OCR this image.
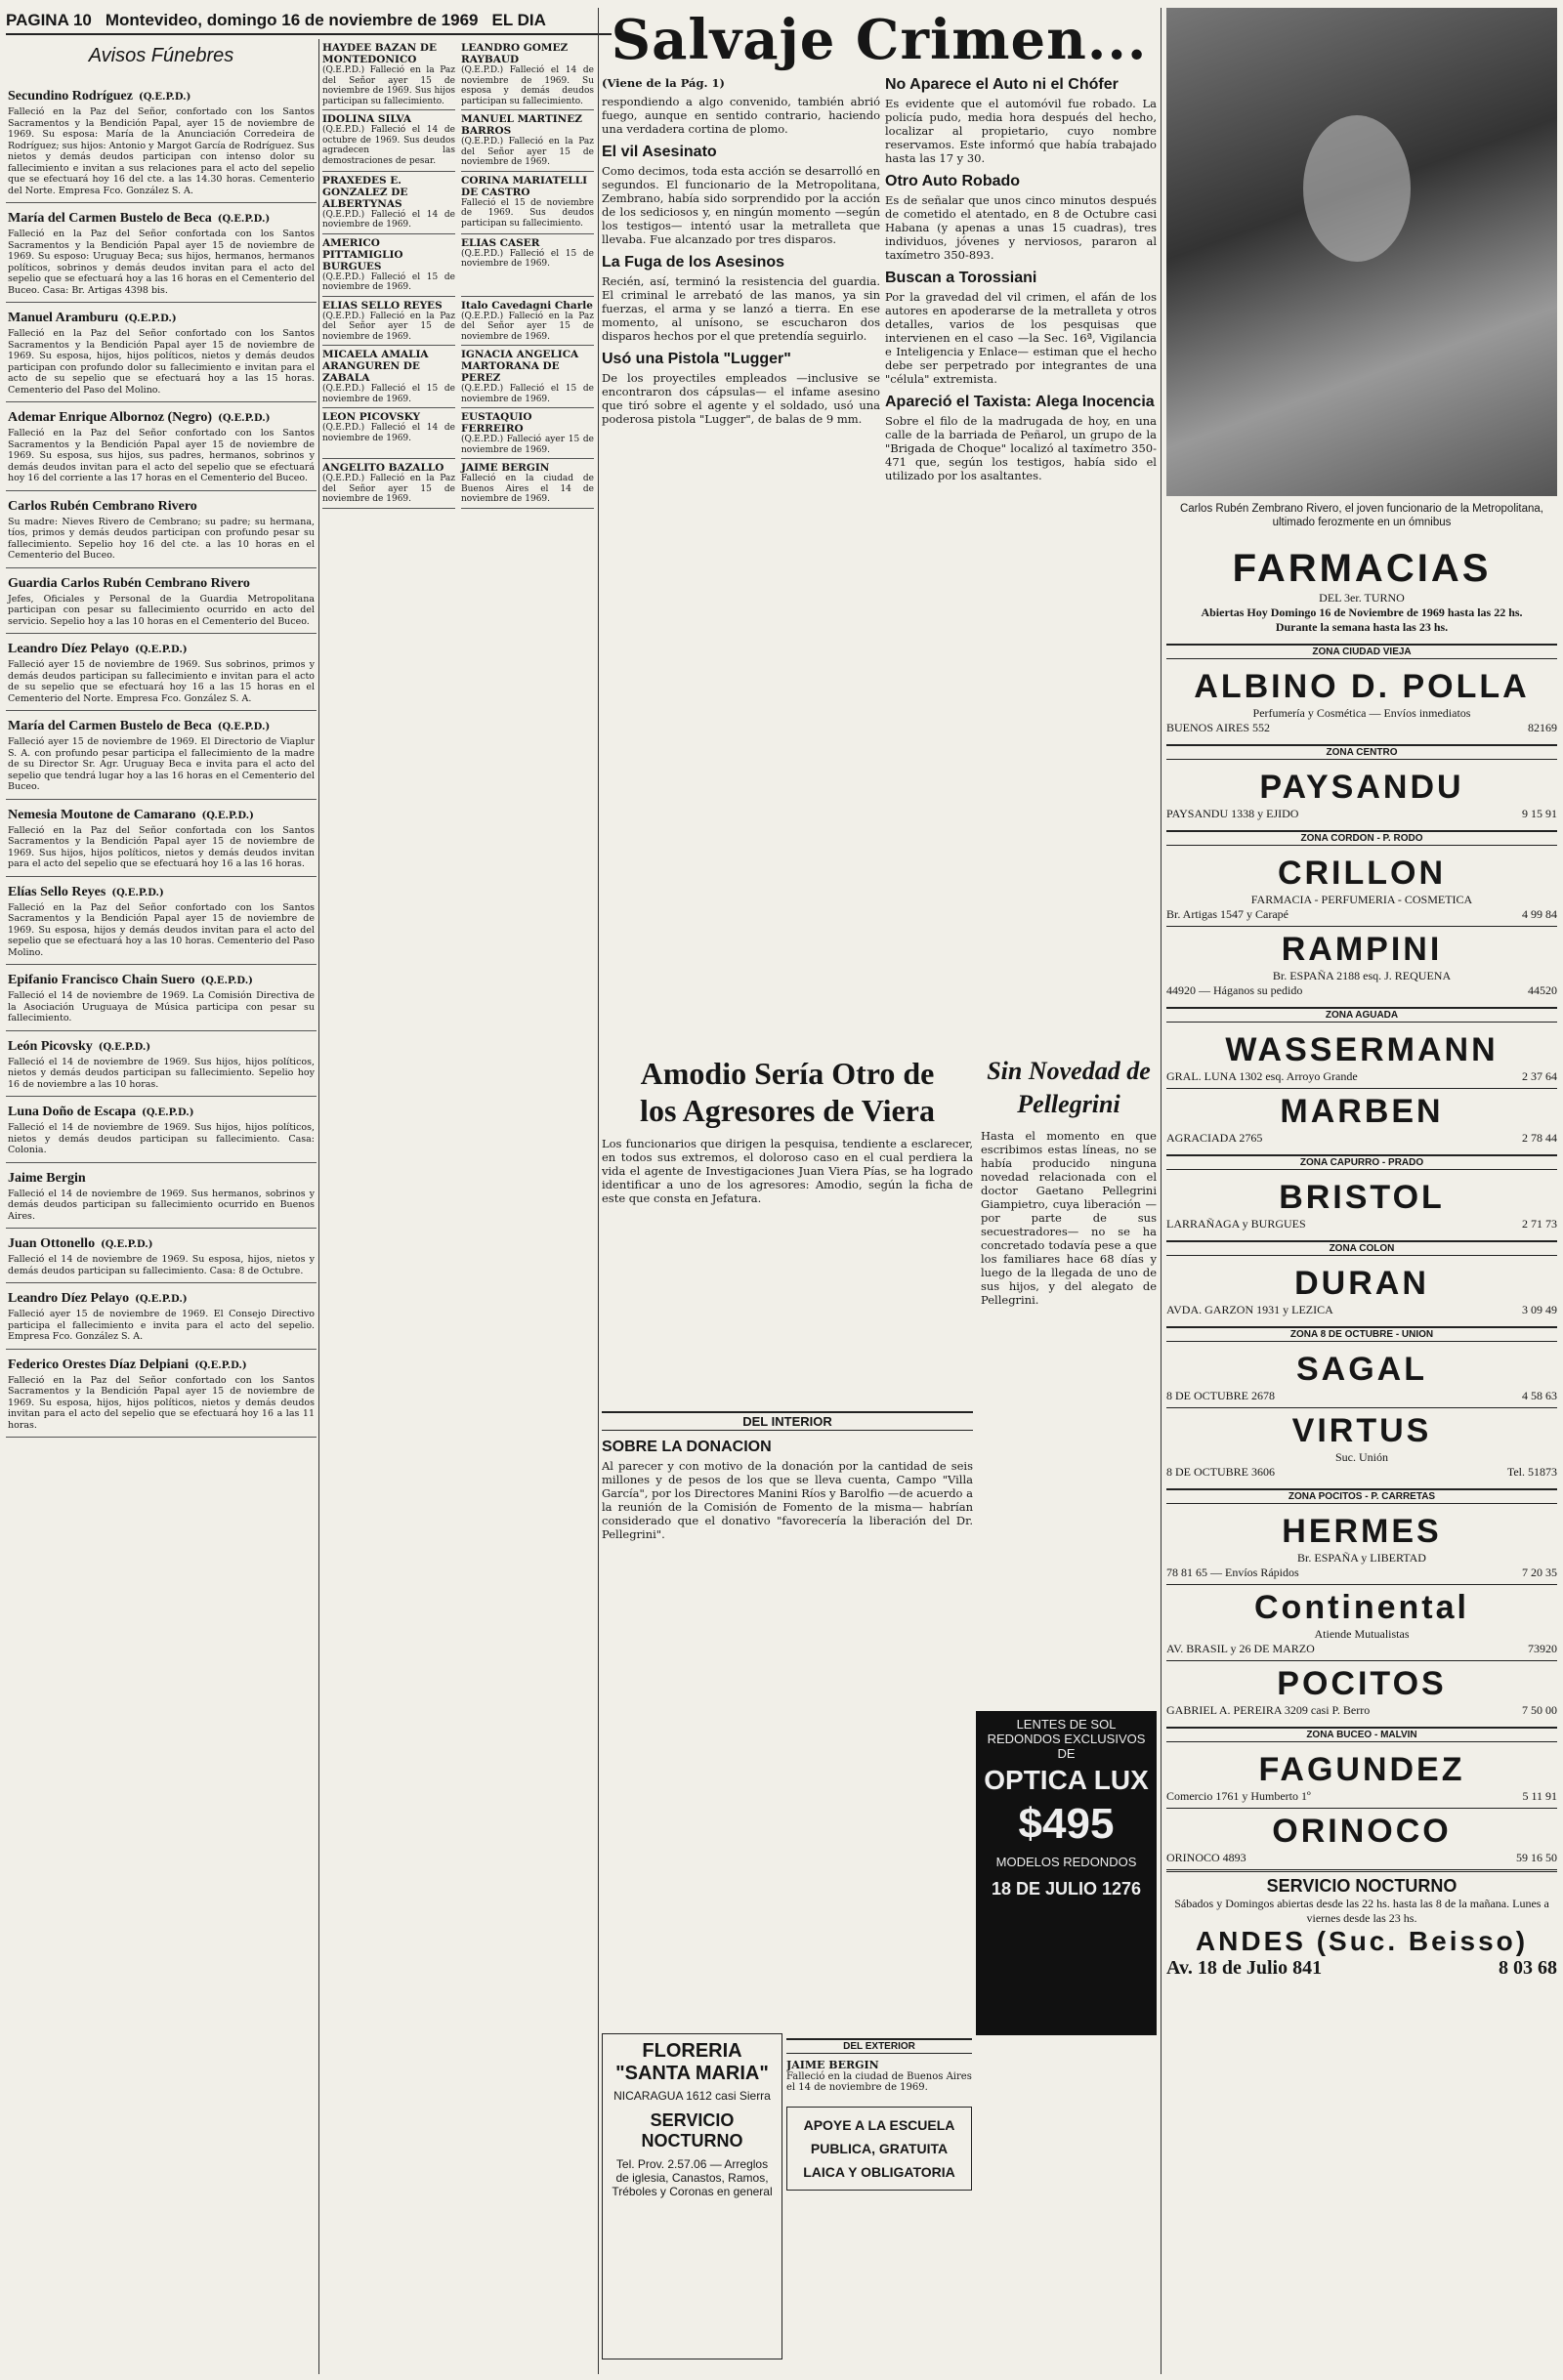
PAGINA 10 Montevideo, domingo 16 de noviembre de 1969 EL DIA
Avisos Fúnebres
Secundino Rodríguez (Q.E.P.D.)
Falleció en la Paz del Señor, confortado con los Santos Sacramentos y la Bendición Papal, ayer 15 de noviembre de 1969. Su esposa: María de la Anunciación Corredeira de Rodríguez; sus hijos: Antonio y Margot García de Rodríguez. Sus nietos y demás deudos participan con intenso dolor su fallecimiento e invitan a sus relaciones para el acto del sepelio que se efectuará hoy 16 del cte. a las 14.30 horas. Cementerio del Norte. Empresa Fco. González S. A.
María del Carmen Bustelo de Beca (Q.E.P.D.)
Falleció en la Paz del Señor confortada con los Santos Sacramentos y la Bendición Papal ayer 15 de noviembre de 1969. Su esposo: Uruguay Beca; sus hijos, hermanos, hermanos políticos, sobrinos y demás deudos invitan para el acto del sepelio que se efectuará hoy a las 16 horas en el Cementerio del Buceo. Casa: Br. Artigas 4398 bis.
Manuel Aramburu (Q.E.P.D.)
Falleció en la Paz del Señor confortado con los Santos Sacramentos y la Bendición Papal ayer 15 de noviembre de 1969. Su esposa, hijos, hijos políticos, nietos y demás deudos participan con profundo dolor su fallecimiento e invitan para el acto de su sepelio que se efectuará hoy a las 15 horas. Cementerio del Paso del Molino.
Ademar Enrique Albornoz (Negro) (Q.E.P.D.)
Falleció en la Paz del Señor confortado con los Santos Sacramentos y la Bendición Papal ayer 15 de noviembre de 1969. Su esposa, sus hijos, sus padres, hermanos, sobrinos y demás deudos invitan para el acto del sepelio que se efectuará hoy 16 del corriente a las 17 horas en el Cementerio del Buceo.
Carlos Rubén Cembrano Rivero
Su madre: Nieves Rivero de Cembrano; su padre; su hermana, tíos, primos y demás deudos participan con profundo pesar su fallecimiento. Sepelio hoy 16 del cte. a las 10 horas en el Cementerio del Buceo.
Guardia Carlos Rubén Cembrano Rivero
Jefes, Oficiales y Personal de la Guardia Metropolitana participan con pesar su fallecimiento ocurrido en acto del servicio. Sepelio hoy a las 10 horas en el Cementerio del Buceo.
Leandro Díez Pelayo (Q.E.P.D.)
Falleció ayer 15 de noviembre de 1969. Sus sobrinos, primos y demás deudos participan su fallecimiento e invitan para el acto de su sepelio que se efectuará hoy 16 a las 15 horas en el Cementerio del Norte. Empresa Fco. González S. A.
María del Carmen Bustelo de Beca (Q.E.P.D.)
Falleció ayer 15 de noviembre de 1969. El Directorio de Viaplur S. A. con profundo pesar participa el fallecimiento de la madre de su Director Sr. Agr. Uruguay Beca e invita para el acto del sepelio que tendrá lugar hoy a las 16 horas en el Cementerio del Buceo.
Nemesia Moutone de Camarano (Q.E.P.D.)
Falleció en la Paz del Señor confortada con los Santos Sacramentos y la Bendición Papal ayer 15 de noviembre de 1969. Sus hijos, hijos políticos, nietos y demás deudos invitan para el acto del sepelio que se efectuará hoy 16 a las 16 horas.
Elías Sello Reyes (Q.E.P.D.)
Falleció en la Paz del Señor confortado con los Santos Sacramentos y la Bendición Papal ayer 15 de noviembre de 1969. Su esposa, hijos y demás deudos invitan para el acto del sepelio que se efectuará hoy a las 10 horas. Cementerio del Paso Molino.
Epifanio Francisco Chain Suero (Q.E.P.D.)
Falleció el 14 de noviembre de 1969. La Comisión Directiva de la Asociación Uruguaya de Música participa con pesar su fallecimiento.
León Picovsky (Q.E.P.D.)
Falleció el 14 de noviembre de 1969. Sus hijos, hijos políticos, nietos y demás deudos participan su fallecimiento. Sepelio hoy 16 de noviembre a las 10 horas.
Luna Doño de Escapa (Q.E.P.D.)
Falleció el 14 de noviembre de 1969. Sus hijos, hijos políticos, nietos y demás deudos participan su fallecimiento. Casa: Colonia.
Jaime Bergin
Falleció el 14 de noviembre de 1969. Sus hermanos, sobrinos y demás deudos participan su fallecimiento ocurrido en Buenos Aires.
Juan Ottonello (Q.E.P.D.)
Falleció el 14 de noviembre de 1969. Su esposa, hijos, nietos y demás deudos participan su fallecimiento. Casa: 8 de Octubre.
Leandro Díez Pelayo (Q.E.P.D.)
Falleció ayer 15 de noviembre de 1969. El Consejo Directivo participa el fallecimiento e invita para el acto del sepelio. Empresa Fco. González S. A.
Federico Orestes Díaz Delpiani (Q.E.P.D.)
Falleció en la Paz del Señor confortado con los Santos Sacramentos y la Bendición Papal ayer 15 de noviembre de 1969. Su esposa, hijos, hijos políticos, nietos y demás deudos invitan para el acto del sepelio que se efectuará hoy 16 a las 11 horas.
HAYDEE BAZAN DE MONTEDONICO
(Q.E.P.D.) Falleció en la Paz del Señor ayer 15 de noviembre de 1969. Sus hijos participan su fallecimiento.
LEANDRO GOMEZ RAYBAUD
(Q.E.P.D.) Falleció el 14 de noviembre de 1969. Su esposa y demás deudos participan su fallecimiento.
IDOLINA SILVA
(Q.E.P.D.) Falleció el 14 de octubre de 1969. Sus deudos agradecen las demostraciones de pesar.
MANUEL MARTINEZ BARROS
(Q.E.P.D.) Falleció en la Paz del Señor ayer 15 de noviembre de 1969.
PRAXEDES E. GONZALEZ DE ALBERTYNAS
(Q.E.P.D.) Falleció el 14 de noviembre de 1969.
CORINA MARIATELLI DE CASTRO
Falleció el 15 de noviembre de 1969. Sus deudos participan su fallecimiento.
AMERICO PITTAMIGLIO BURGUES
(Q.E.P.D.) Falleció el 15 de noviembre de 1969.
ELIAS CASER
(Q.E.P.D.) Falleció el 15 de noviembre de 1969.
ELIAS SELLO REYES
(Q.E.P.D.) Falleció en la Paz del Señor ayer 15 de noviembre de 1969.
Italo Cavedagni Charle
(Q.E.P.D.) Falleció en la Paz del Señor ayer 15 de noviembre de 1969.
MICAELA AMALIA ARANGUREN DE ZABALA
(Q.E.P.D.) Falleció el 15 de noviembre de 1969.
IGNACIA ANGELICA MARTORANA DE PEREZ
(Q.E.P.D.) Falleció el 15 de noviembre de 1969.
LEON PICOVSKY
(Q.E.P.D.) Falleció el 14 de noviembre de 1969.
EUSTAQUIO FERREIRO
(Q.E.P.D.) Falleció ayer 15 de noviembre de 1969.
ANGELITO BAZALLO
(Q.E.P.D.) Falleció en la Paz del Señor ayer 15 de noviembre de 1969.
JAIME BERGIN
Falleció en la ciudad de Buenos Aires el 14 de noviembre de 1969.
Salvaje Crimen...
(Viene de la Pág. 1)

respondiendo a algo convenido, también abrió fuego, aunque en sentido contrario, haciendo una verdadera cortina de plomo.

El vil Asesinato

Como decimos, toda esta acción se desarrolló en segundos. El funcionario de la Metropolitana, Zembrano, había sido sorprendido por la acción de los sediciosos y, en ningún momento —según los testigos— intentó usar la metralleta que llevaba. Fue alcanzado por tres disparos.

La Fuga de los Asesinos

Recién, así, terminó la resistencia del guardia. El criminal le arrebató de las manos, ya sin fuerzas, el arma y se lanzó a tierra. En ese momento, al unísono, se escucharon dos disparos hechos por el que pretendía seguirlo.

Usó una Pistola "Lugger"

De los proyectiles empleados —inclusive se encontraron dos cápsulas— el infame asesino que tiró sobre el agente y el soldado, usó una poderosa pistola "Lugger", de balas de 9 mm.

No Aparece el Auto ni el Chófer

Es evidente que el automóvil fue robado. La policía pudo, media hora después del hecho, localizar al propietario, cuyo nombre reservamos. Este informó que había trabajado hasta las 17 y 30.

Otro Auto Robado

Es de señalar que unos cinco minutos después de cometido el atentado, en 8 de Octubre casi Habana (y apenas a unas 15 cuadras), tres individuos, jóvenes y nerviosos, pararon al taxímetro 350-893.

Buscan a Torossiani

Por la gravedad del vil crimen, el afán de los autores en apoderarse de la metralleta y otros detalles, varios de los pesquisas que intervienen en el caso —la Sec. 16ª, Vigilancia e Inteligencia y Enlace— estiman que el hecho debe ser perpetrado por integrantes de una "célula" extremista.

Apareció el Taxista: Alega Inocencia

Sobre el filo de la madrugada de hoy, en una calle de la barriada de Peñarol, un grupo de la "Brigada de Choque" localizó al taxímetro 350-471 que, según los testigos, había sido el utilizado por los asaltantes.

Amodio Sería Otro de
los Agresores de Viera

Los funcionarios que dirigen la pesquisa, tendiente a esclarecer, en todos sus extremos, el doloroso caso en el cual perdiera la vida el agente de Investigaciones Juan Viera Pías, se ha logrado identificar a uno de los agresores: Amodio, según la ficha de este que consta en Jefatura.

Sin Novedad de Pellegrini

Hasta el momento en que escribimos estas líneas, no se había producido ninguna novedad relacionada con el doctor Gaetano Pellegrini Giampietro, cuya liberación —por parte de sus secuestradores— no se ha concretado todavía pese a que los familiares hace 68 días y luego de la llegada de uno de sus hijos, y del alegato de Pellegrini.

DEL INTERIOR
SOBRE LA DONACION

Al parecer y con motivo de la donación por la cantidad de seis millones y de pesos de los que se lleva cuenta, Campo "Villa García", por los Directores Manini Ríos y Barolfio —de acuerdo a la reunión de la Comisión de Fomento de la misma— habrían considerado que el donativo "favorecería la liberación del Dr. Pellegrini".

FLORERIA "SANTA MARIA"
NICARAGUA 1612 casi Sierra
SERVICIO NOCTURNO
Tel. Prov. 2.57.06 — Arreglos de iglesia, Canastos, Ramos, Tréboles y Coronas en general
DEL EXTERIOR
JAIME BERGIN
Falleció en la ciudad de Buenos Aires el 14 de noviembre de 1969.
APOYE A LA ESCUELA PUBLICA, GRATUITA LAICA Y OBLIGATORIA
LENTES DE SOL REDONDOS EXCLUSIVOS DE
OPTICA LUX
$495
MODELOS REDONDOS
18 DE JULIO 1276
Carlos Rubén Zembrano Rivero, el joven funcionario de la Metropolitana, ultimado ferozmente en un ómnibus
FARMACIAS
DEL 3er. TURNO
Abiertas Hoy Domingo 16 de Noviembre de 1969 hasta las 22 hs.
Durante la semana hasta las 23 hs.
ZONA CIUDAD VIEJA
ALBINO D. POLLA
Perfumería y Cosmética — Envíos inmediatos
BUENOS AIRES 552	82169
ZONA CENTRO
PAYSANDU
PAYSANDU 1338 y EJIDO	9 15 91
ZONA CORDON - P. RODO
CRILLON
FARMACIA - PERFUMERIA - COSMETICA
Br. Artigas 1547 y Carapé	4 99 84
RAMPINI
Br. ESPAÑA 2188 esq. J. REQUENA
44920 — Háganos su pedido	44520
ZONA AGUADA
WASSERMANN
GRAL. LUNA 1302 esq. Arroyo Grande	2 37 64
MARBEN
AGRACIADA 2765	2 78 44
ZONA CAPURRO - PRADO
BRISTOL
LARRAÑAGA y BURGUES	2 71 73
ZONA COLON
DURAN
AVDA. GARZON 1931 y LEZICA	3 09 49
ZONA 8 DE OCTUBRE - UNION
SAGAL
8 DE OCTUBRE 2678	4 58 63
VIRTUS
Suc. Unión
8 DE OCTUBRE 3606	Tel. 51873
ZONA POCITOS - P. CARRETAS
HERMES
Br. ESPAÑA y LIBERTAD
78 81 65 — Envíos Rápidos	7 20 35
Continental
Atiende Mutualistas
AV. BRASIL y 26 DE MARZO	73920
POCITOS
GABRIEL A. PEREIRA 3209 casi P. Berro	7 50 00
ZONA BUCEO - MALVIN
FAGUNDEZ
Comercio 1761 y Humberto 1º	5 11 91
ORINOCO
ORINOCO 4893	59 16 50
SERVICIO NOCTURNO
Sábados y Domingos abiertas desde las 22 hs. hasta las 8 de la mañana. Lunes a viernes desde las 23 hs.
ANDES (Suc. Beisso)
Av. 18 de Julio 841	8 03 68
